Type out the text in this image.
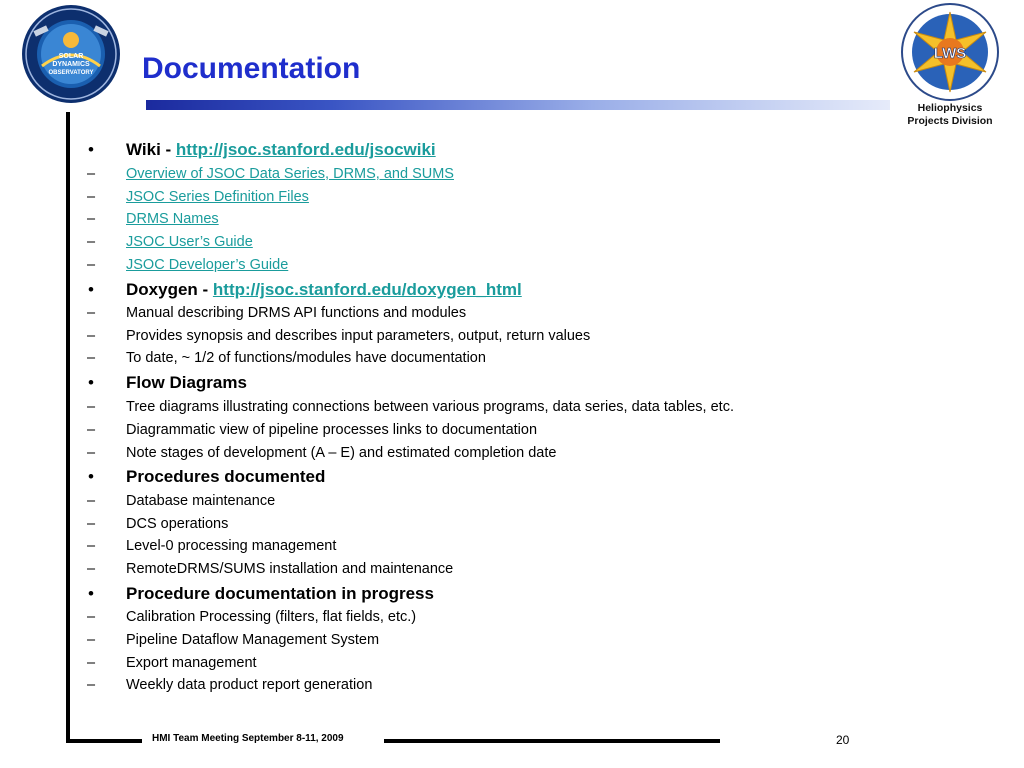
SOLAR
DYNAMICS
OBSERVATORY
LWS
Heliophysics
Projects Division
Documentation
HMI Team Meeting September 8-11, 2009	20
• Wiki - http://jsoc.stanford.edu/jsocwiki
– Overview of JSOC Data Series, DRMS, and SUMS
– JSOC Series Definition Files
– DRMS Names
– JSOC User’s Guide
– JSOC Developer’s Guide
• Doxygen - http://jsoc.stanford.edu/doxygen_html
– Manual describing DRMS API functions and modules
– Provides synopsis and describes input parameters, output, return values
– To date, ~ 1/2 of functions/modules have documentation
• Flow Diagrams
– Tree diagrams illustrating connections between various programs, data series, data tables, etc.
– Diagrammatic view of pipeline processes links to documentation
– Note stages of development (A – E) and estimated completion date
• Procedures documented
– Database maintenance
– DCS operations
– Level-0 processing management
– RemoteDRMS/SUMS installation and maintenance
• Procedure documentation in progress
– Calibration Processing (filters, flat fields, etc.)
– Pipeline Dataflow Management System
– Export management
– Weekly data product report generation
